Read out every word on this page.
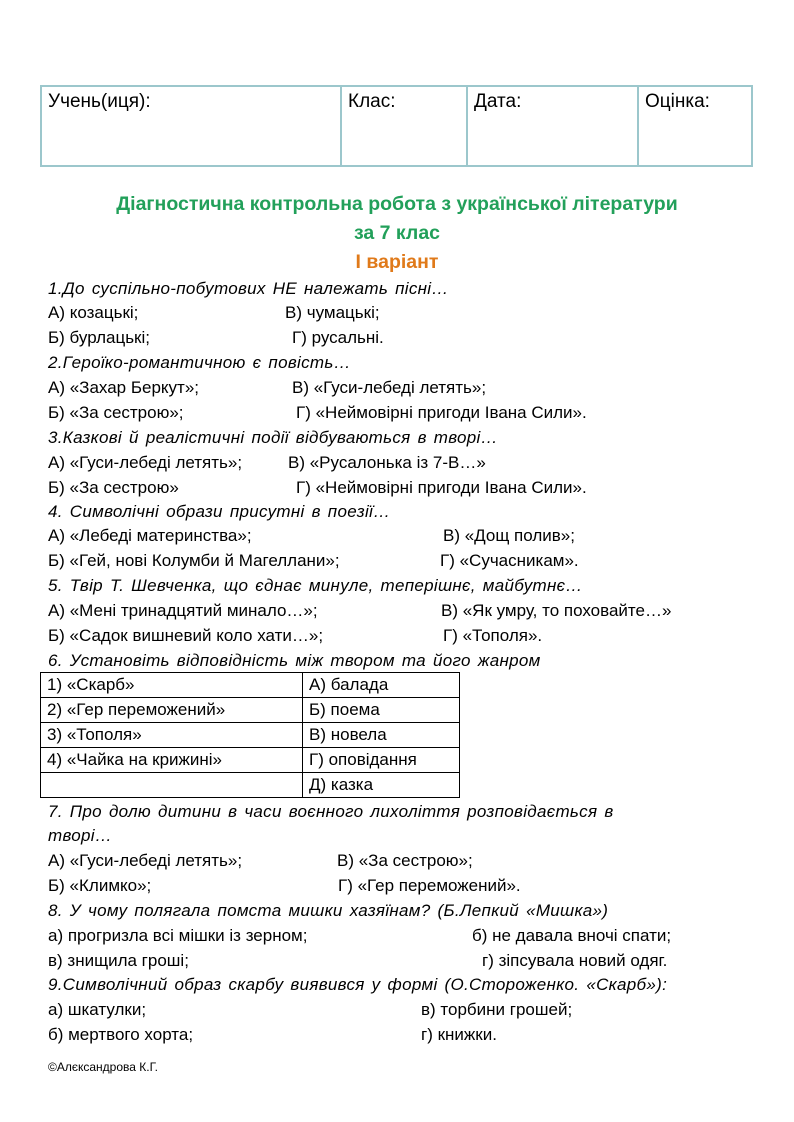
Учень(иця):	Клас:	Дата:	Оцінка:
Діагностична контрольна робота з української літератури
за 7 клас
І варіант
1.До суспільно-побутових НЕ належать пісні…
А) козацькі;	В) чумацькі;
Б) бурлацькі;	Г) русальні.
2.Героїко-романтичною є повість…
А) «Захар Беркут»;	В) «Гуси-лебеді летять»;
Б) «За сестрою»;	Г) «Неймовірні пригоди Івана Сили».
3.Казкові й реалістичні події відбуваються в творі…
А) «Гуси-лебеді летять»;	В) «Русалонька із 7-В…»
Б) «За сестрою»	Г) «Неймовірні пригоди Івана Сили».
4. Символічні образи присутні в поезії…
А) «Лебеді материнства»;	В) «Дощ полив»;
Б) «Гей, нові Колумби й Магеллани»;	Г) «Сучасникам».
5. Твір Т. Шевченка, що єднає минуле, теперішнє, майбутнє…
А) «Мені тринадцятий минало…»;	В) «Як умру, то поховайте…»
Б) «Садок вишневий коло хати…»;	Г) «Тополя».
6. Установіть відповідність між твором та його жанром
1) «Скарб»	А) балада
2) «Гер переможений»	Б) поема
3) «Тополя»	В) новела
4) «Чайка на крижині»	Г) оповідання
	Д) казка
7. Про долю дитини в часи воєнного лихоліття розповідається в
творі…
А) «Гуси-лебеді летять»;	В) «За сестрою»;
Б) «Климко»;	Г) «Гер переможений».
8. У чому полягала помста мишки хазяїнам? (Б.Лепкий «Мишка»)
а) прогризла всі мішки із зерном;	б) не давала вночі спати;
в) знищила гроші;	г) зіпсувала новий одяг.
9.Символічний образ скарбу виявився у формі (О.Стороженко. «Скарб»):
а) шкатулки;	в) торбини грошей;
б) мертвого хорта;	г) книжки.
©Алєксандрова К.Г.
